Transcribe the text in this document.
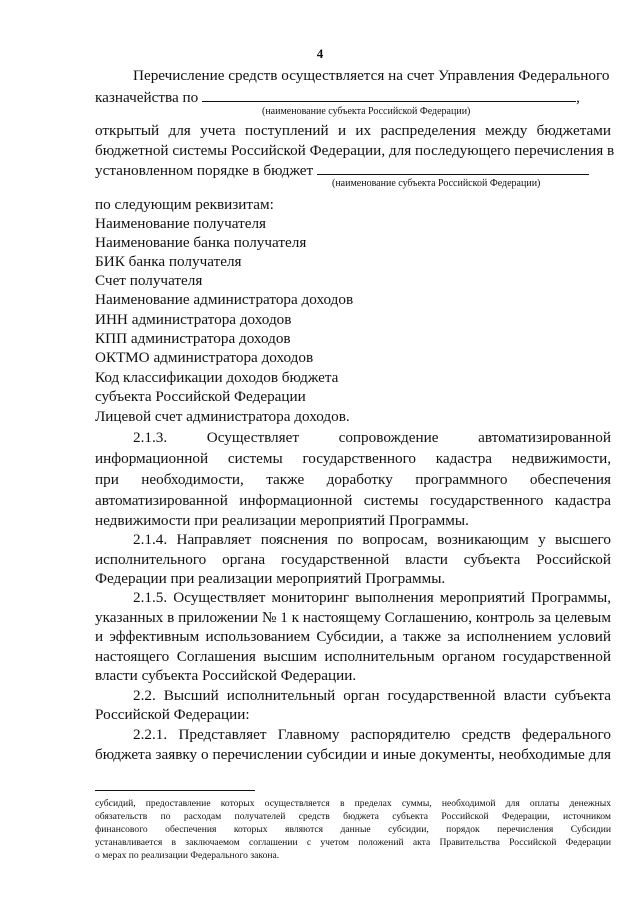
4
Перечисление средств осуществляется на счет Управления Федерального
казначейства по	,
(наименование субъекта Российской Федерации)
открытый для учета поступлений и их распределения между бюджетами
бюджетной системы Российской Федерации, для последующего перечисления в
установленном порядке в бюджет
(наименование субъекта Российской Федерации)
по следующим реквизитам:
Наименование получателя
Наименование банка получателя
БИК банка получателя
Счет получателя
Наименование администратора доходов
ИНН администратора доходов
КПП администратора доходов
ОКТМО администратора доходов
Код классификации доходов бюджета
субъекта Российской Федерации
Лицевой счет администратора доходов.
2.1.3. Осуществляет сопровождение автоматизированной
информационной системы государственного кадастра недвижимости,
при необходимости, также доработку программного обеспечения
автоматизированной информационной системы государственного кадастра
недвижимости при реализации мероприятий Программы.
2.1.4. Направляет пояснения по вопросам, возникающим у высшего
исполнительного органа государственной власти субъекта Российской
Федерации при реализации мероприятий Программы.
2.1.5. Осуществляет мониторинг выполнения мероприятий Программы,
указанных в приложении № 1 к настоящему Соглашению, контроль за целевым
и эффективным использованием Субсидии, а также за исполнением условий
настоящего Соглашения высшим исполнительным органом государственной
власти субъекта Российской Федерации.
2.2. Высший исполнительный орган государственной власти субъекта
Российской Федерации:
2.2.1. Представляет Главному распорядителю средств федерального
бюджета заявку о перечислении субсидии и иные документы, необходимые для
субсидий, предоставление которых осуществляется в пределах суммы, необходимой для оплаты денежных
обязательств по расходам получателей средств бюджета субъекта Российской Федерации, источником
финансового обеспечения которых являются данные субсидии, порядок перечисления Субсидии
устанавливается в заключаемом соглашении с учетом положений акта Правительства Российской Федерации
о мерах по реализации Федерального закона.
